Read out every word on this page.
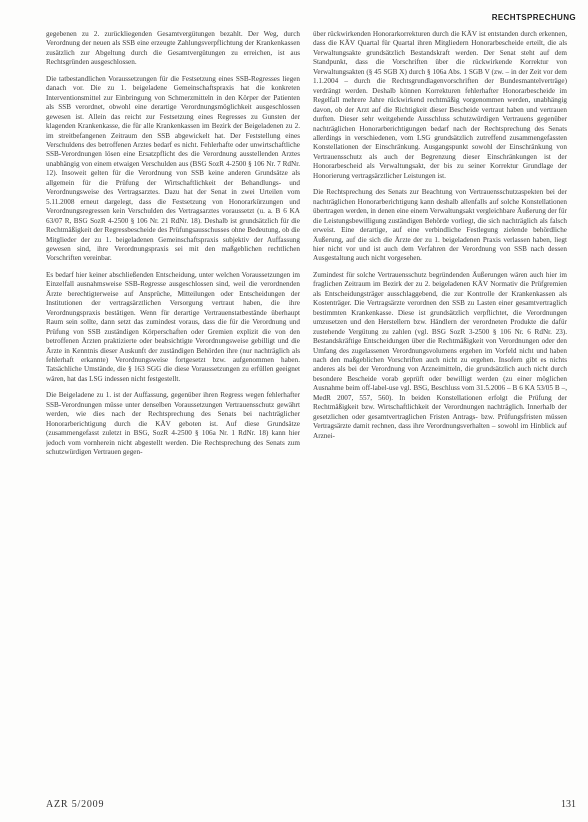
RECHTSPRECHUNG

gegebenen zu 2. zurückliegenden Gesamtvergütungen bezahlt. Der Weg, durch Verordnung der neuen als SSB eine erzeugte Zahlungsverpflichtung der Krankenkassen zusätzlich zur Abgeltung durch die Gesamtvergütungen zu erreichen, ist aus Rechtsgründen ausgeschlossen.

Die tatbestandlichen Voraussetzungen für die Festsetzung eines SSB-Regresses liegen danach vor. Die zu 1. beigeladene Gemeinschaftspraxis hat die konkreten Interventionsmittel zur Einbringung von Schmerzmitteln in den Körper der Patienten als SSB verordnet, obwohl eine derartige Verordnungsmöglichkeit ausgeschlossen gewesen ist. Allein das reicht zur Festsetzung eines Regresses zu Gunsten der klagenden Krankenkasse, die für alle Krankenkassen im Bezirk der Beigeladenen zu 2. im streitbefangenen Zeitraum den SSB abgewickelt hat. Der Feststellung eines Verschuldens des betroffenen Arztes bedarf es nicht. Fehlerhafte oder unwirtschaftliche SSB-Verordnungen lösen eine Ersatzpflicht des die Verordnung ausstellenden Arztes unabhängig von einem etwaigen Verschulden aus (BSG SozR 4-2500 § 106 Nr. 7 RdNr. 12). Insoweit gelten für die Verordnung von SSB keine anderen Grundsätze als allgemein für die Prüfung der Wirtschaftlichkeit der Behandlungs- und Verordnungsweise des Vertragsarztes. Dazu hat der Senat in zwei Urteilen vom 5.11.2008 erneut dargelegt, dass die Festsetzung von Honorarkürzungen und Verordnungsregressen kein Verschulden des Vertragsarztes voraussetzt (u. a. B 6 KA 63/07 R, BSG SozR 4-2500 § 106 Nr. 21 RdNr. 18). Deshalb ist grundsätzlich für die Rechtmäßigkeit der Regressbescheide des Prüfungsausschusses ohne Bedeutung, ob die Mitglieder der zu 1. beigeladenen Gemeinschaftspraxis subjektiv der Auffassung gewesen sind, ihre Verordnungspraxis sei mit den maßgeblichen rechtlichen Vorschriften vereinbar.

Es bedarf hier keiner abschließenden Entscheidung, unter welchen Voraussetzungen im Einzelfall ausnahmsweise SSB-Regresse ausgeschlossen sind, weil die verordnenden Ärzte berechtigterweise auf Ansprüche, Mitteilungen oder Entscheidungen der Institutionen der vertragsärztlichen Versorgung vertraut haben, die ihre Verordnungspraxis bestätigen. Wenn für derartige Vertrauenstatbestände überhaupt Raum sein sollte, dann setzt das zumindest voraus, dass die für die Verordnung und Prüfung von SSB zuständigen Körperschaften oder Gremien explizit die von den betroffenen Ärzten praktizierte oder beabsichtigte Verordnungsweise gebilligt und die Ärzte in Kenntnis dieser Auskunft der zuständigen Behörden ihre (nur nachträglich als fehlerhaft erkannte) Verordnungsweise fortgesetzt bzw. aufgenommen haben. Tatsächliche Umstände, die § 163 SGG die diese Voraussetzungen zu erfüllen geeignet wären, hat das LSG indessen nicht festgestellt.

Die Beigeladene zu 1. ist der Auffassung, gegenüber ihren Regress wegen fehlerhafter SSB-Verordnungen müsse unter denselben Voraussetzungen Vertrauensschutz gewährt werden, wie dies nach der Rechtsprechung des Senats bei nachträglicher Honorarberichtigung durch die KÄV geboten ist. Auf diese Grundsätze (zusammengefasst zuletzt in BSG, SozR 4-2500 § 106a Nr. 1 RdNr. 18) kann hier jedoch vom vornherein nicht abgestellt werden. Die Rechtsprechung des Senats zum schutzwürdigen Vertrauen gegen-

über rückwirkenden Honorarkorrekturen durch die KÄV ist entstanden durch erkennen, dass die KÄV Quartal für Quartal ihren Mitgliedern Honorarbescheide erteilt, die als Verwaltungsakte grundsätzlich Bestandskraft werden. Der Senat steht auf dem Standpunkt, dass die Vorschriften über die rückwirkende Korrektur von Verwaltungsakten (§ 45 SGB X) durch § 106a Abs. 1 SGB V (zw. – in der Zeit vor dem 1.1.2004 – durch die Rechtsgrundlagenvorschriften der Bundesmantelverträge) verdrängt werden. Deshalb können Korrekturen fehlerhafter Honorarbescheide im Regelfall mehrere Jahre rückwirkend rechtmäßig vorgenommen werden, unabhängig davon, ob der Arzt auf die Richtigkeit dieser Bescheide vertraut haben und vertrauen durften. Dieser sehr weitgehende Ausschluss schutzwürdigen Vertrauens gegenüber nachträglichen Honorarberichtigungen bedarf nach der Rechtsprechung des Senats allerdings in verschiedenen, vom LSG grundsätzlich zutreffend zusammengefassten Konstellationen der Einschränkung. Ausgangspunkt sowohl der Einschränkung von Vertrauensschutz als auch der Begrenzung dieser Einschränkungen ist der Honorarbescheid als Verwaltungsakt, der bis zu seiner Korrektur Grundlage der Honorierung vertragsärztlicher Leistungen ist.

Die Rechtsprechung des Senats zur Beachtung von Vertrauensschutzaspekten bei der nachträglichen Honorarberichtigung kann deshalb allenfalls auf solche Konstellationen übertragen werden, in denen eine einem Verwaltungsakt vergleichbare Äußerung der für die Leistungsbewilligung zuständigen Behörde vorliegt, die sich nachträglich als falsch erweist. Eine derartige, auf eine verbindliche Festlegung zielende behördliche Äußerung, auf die sich die Ärzte der zu 1. beigeladenen Praxis verlassen haben, liegt hier nicht vor und ist auch dem Verfahren der Verordnung von SSB nach dessen Ausgestaltung auch nicht vorgesehen.

Zumindest für solche Vertrauensschutz begründenden Äußerungen wären auch hier im fraglichen Zeitraum im Bezirk der zu 2. beigeladenen KÄV Normativ die Prüfgremien als Entscheidungsträger ausschlaggebend, die zur Kontrolle der Krankenkassen als Kostenträger. Die Vertragsärzte verordnen den SSB zu Lasten einer gesamtvertraglich bestimmten Krankenkasse. Diese ist grundsätzlich verpflichtet, die Verordnungen umzusetzen und den Herstellern bzw. Händlern der verordneten Produkte die dafür zustehende Vergütung zu zahlen (vgl. BSG SozR 3-2500 § 106 Nr. 6 RdNr. 23). Bestandskräftige Entscheidungen über die Rechtmäßigkeit von Verordnungen oder den Umfang des zugelassenen Verordnungsvolumens ergehen im Vorfeld nicht und haben nach den maßgeblichen Vorschriften auch nicht zu ergehen. Insofern gibt es nichts anderes als bei der Verordnung von Arzneimitteln, die grundsätzlich auch nicht durch besondere Bescheide vorab geprüft oder bewilligt werden (zu einer möglichen Ausnahme beim off-label-use vgl. BSG, Beschluss vom 31.5.2006 – B 6 KA 53/05 B –, MedR 2007, 557, 560). In beiden Konstellationen erfolgt die Prüfung der Rechtmäßigkeit bzw. Wirtschaftlichkeit der Verordnungen nachträglich. Innerhalb der gesetzlichen oder gesamtvertraglichen Fristen Antrags- bzw. Prüfungsfristen müssen Vertragsärzte damit rechnen, dass ihre Verordnungsverhalten – sowohl im Hinblick auf Arznei-

AZR 5/2009	131
